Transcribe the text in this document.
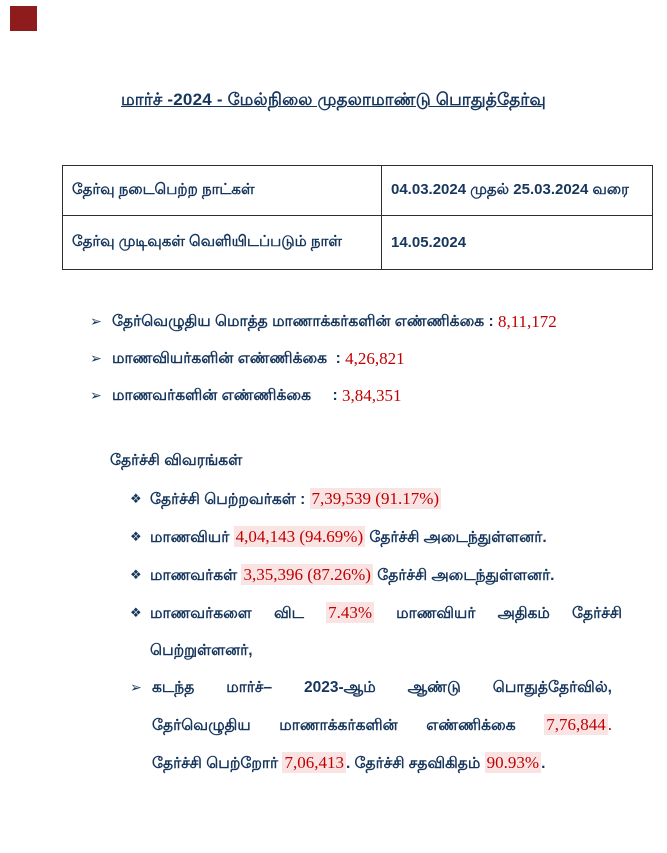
மார்ச் -2024 - மேல்நிலை முதலாமாண்டு பொதுத்தேர்வு
தேர்வு நடைபெற்ற நாட்கள்	04.03.2024 முதல் 25.03.2024 வரை
தேர்வு முடிவுகள் வெளியிடப்படும் நாள்	14.05.2024
➢ தேர்வெழுதிய மொத்த மாணாக்கர்களின் எண்ணிக்கை : 8,11,172
➢ மாணவியர்களின் எண்ணிக்கை  : 4,26,821
➢ மாணவர்களின் எண்ணிக்கை     : 3,84,351
தேர்ச்சி விவரங்கள்
❖ தேர்ச்சி பெற்றவர்கள் : 7,39,539 (91.17%)
❖ மாணவியர் 4,04,143 (94.69%) தேர்ச்சி அடைந்துள்ளனர்.
❖ மாணவர்கள் 3,35,396 (87.26%) தேர்ச்சி அடைந்துள்ளனர்.
❖ மாணவர்களை விட 7.43% மாணவியர் அதிகம் தேர்ச்சி
பெற்றுள்ளனர்,
➢ கடந்த மார்ச்– 2023-ஆம் ஆண்டு பொதுத்தேர்வில்,
தேர்வெழுதிய மாணாக்கர்களின் எண்ணிக்கை 7,76,844 .
தேர்ச்சி பெற்றோர் 7,06,413 . தேர்ச்சி சதவிகிதம் 90.93% .
